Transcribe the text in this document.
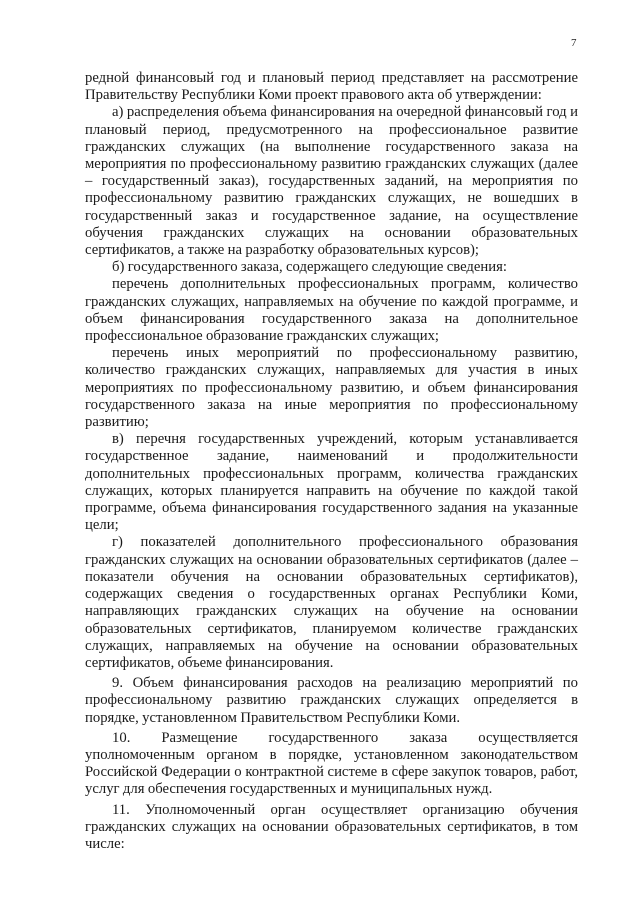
7

редной финансовый год и плановый период представляет на рассмотрение Правительству Республики Коми проект правового акта об утверждении:

а) распределения объема финансирования на очередной финансовый год и плановый период, предусмотренного на профессиональное развитие гражданских служащих (на выполнение государственного заказа на мероприятия по профессиональному развитию гражданских служащих (далее – государственный заказ), государственных заданий, на мероприятия по профессиональному развитию гражданских служащих, не вошедших в государственный заказ и государственное задание, на осуществление обучения гражданских служащих на основании образовательных сертификатов, а также на разработку образовательных курсов);

б) государственного заказа, содержащего следующие сведения:

перечень дополнительных профессиональных программ, количество гражданских служащих, направляемых на обучение по каждой программе, и объем финансирования государственного заказа на дополнительное профессиональное образование гражданских служащих;

перечень иных мероприятий по профессиональному развитию, количество гражданских служащих, направляемых для участия в иных мероприятиях по профессиональному развитию, и объем финансирования государственного заказа на иные мероприятия по профессиональному развитию;

в) перечня государственных учреждений, которым устанавливается государственное задание, наименований и продолжительности дополнительных профессиональных программ, количества гражданских служащих, которых планируется направить на обучение по каждой такой программе, объема финансирования государственного задания на указанные цели;

г) показателей дополнительного профессионального образования гражданских служащих на основании образовательных сертификатов (далее – показатели обучения на основании образовательных сертификатов), содержащих сведения о государственных органах Республики Коми, направляющих гражданских служащих на обучение на основании образовательных сертификатов, планируемом количестве гражданских служащих, направляемых на обучение на основании образовательных сертификатов, объеме финансирования.

9. Объем финансирования расходов на реализацию мероприятий по профессиональному развитию гражданских служащих определяется в порядке, установленном Правительством Республики Коми.

10. Размещение государственного заказа осуществляется уполномоченным органом в порядке, установленном законодательством Российской Федерации о контрактной системе в сфере закупок товаров, работ, услуг для обеспечения государственных и муниципальных нужд.

11. Уполномоченный орган осуществляет организацию обучения гражданских служащих на основании образовательных сертификатов, в том числе:
